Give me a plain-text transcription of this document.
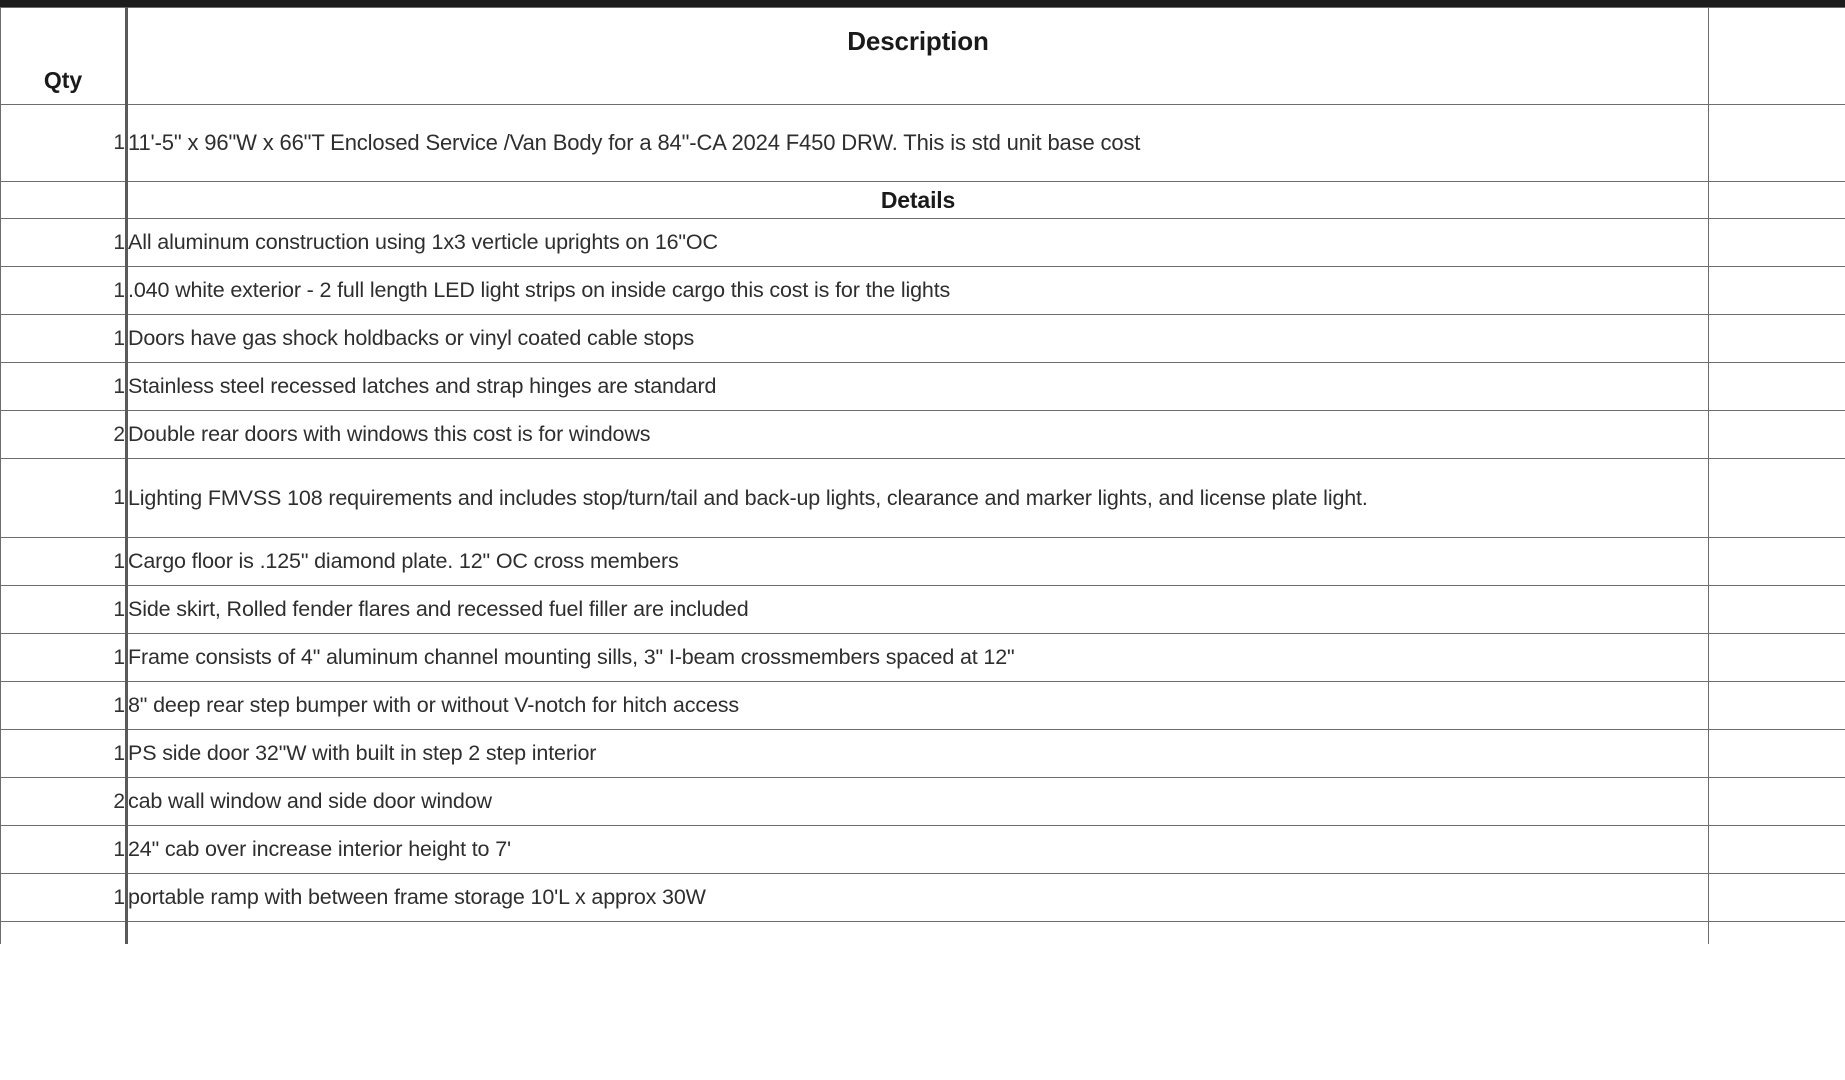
Qty	Description	
1	11'-5" x 96"W x 66"T Enclosed Service /Van Body for a 84"-CA 2024 F450 DRW. This is std unit base cost	
	Details	
1	All aluminum construction using 1x3 verticle uprights on 16"OC	
1	.040 white exterior - 2 full length LED light strips on inside cargo this cost is for the lights	
1	Doors have gas shock holdbacks or vinyl coated cable stops	
1	Stainless steel recessed latches and strap hinges are standard	
2	Double rear doors with windows this cost is for windows	
1	Lighting FMVSS 108 requirements and includes stop/turn/tail and back-up lights, clearance and marker lights, and license plate light.	
1	Cargo floor is .125" diamond plate. 12" OC cross members	
1	Side skirt, Rolled fender flares and recessed fuel filler are included	
1	Frame consists of 4" aluminum channel mounting sills, 3" I-beam crossmembers spaced at 12"	
1	8" deep rear step bumper with or without V-notch for hitch access	
1	PS side door 32"W with built in step 2 step interior	
2	cab wall window and side door window	
1	24" cab over increase interior height to 7'	
1	portable ramp with between frame storage 10'L x approx 30W	
